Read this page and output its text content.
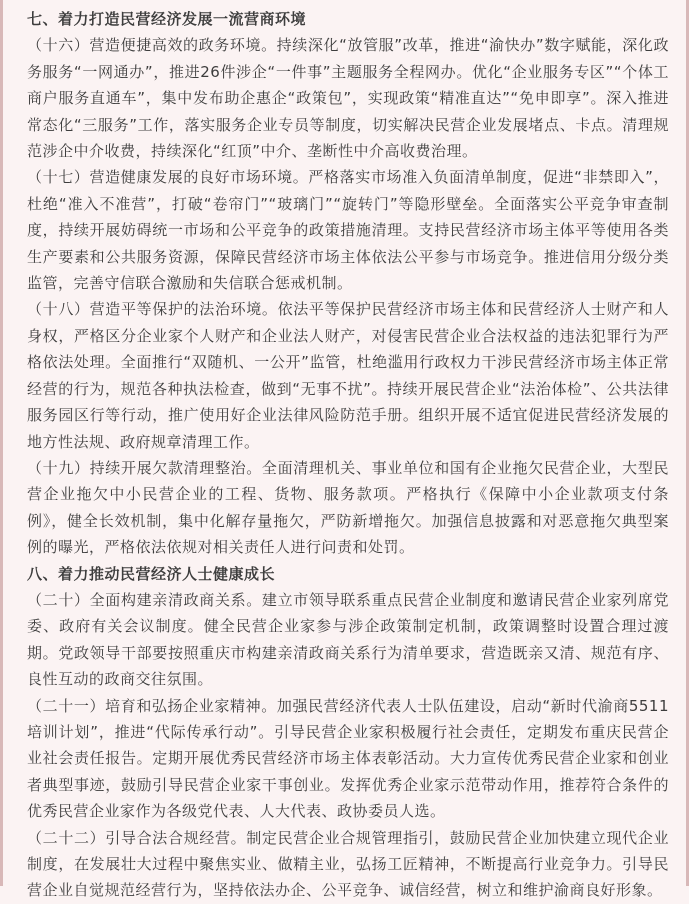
七、着力打造民营经济发展一流营商环境

（十六）营造便捷高效的政务环境。持续深化“放管服”改革，推进“渝快办”数字赋能，深化政务服务“一网通办”，推进26件涉企“一件事”主题服务全程网办。优化“企业服务专区”“个体工商户服务直通车”，集中发布助企惠企“政策包”，实现政策“精准直达”“免申即享”。深入推进常态化“三服务”工作，落实服务企业专员等制度，切实解决民营企业发展堵点、卡点。清理规范涉企中介收费，持续深化“红顶”中介、垄断性中介高收费治理。

（十七）营造健康发展的良好市场环境。严格落实市场准入负面清单制度，促进“非禁即入”，杜绝“准入不准营”，打破“卷帘门”“玻璃门”“旋转门”等隐形壁垒。全面落实公平竞争审查制度，持续开展妨碍统一市场和公平竞争的政策措施清理。支持民营经济市场主体平等使用各类生产要素和公共服务资源，保障民营经济市场主体依法公平参与市场竞争。推进信用分级分类监管，完善守信联合激励和失信联合惩戒机制。

（十八）营造平等保护的法治环境。依法平等保护民营经济市场主体和民营经济人士财产和人身权，严格区分企业家个人财产和企业法人财产，对侵害民营企业合法权益的违法犯罪行为严格依法处理。全面推行“双随机、一公开”监管，杜绝滥用行政权力干涉民营经济市场主体正常经营的行为，规范各种执法检查，做到“无事不扰”。持续开展民营企业“法治体检”、公共法律服务园区行等行动，推广使用好企业法律风险防范手册。组织开展不适宜促进民营经济发展的地方性法规、政府规章清理工作。

（十九）持续开展欠款清理整治。全面清理机关、事业单位和国有企业拖欠民营企业，大型民营企业拖欠中小民营企业的工程、货物、服务款项。严格执行《保障中小企业款项支付条例》，健全长效机制，集中化解存量拖欠，严防新增拖欠。加强信息披露和对恶意拖欠典型案例的曝光，严格依法依规对相关责任人进行问责和处罚。

八、着力推动民营经济人士健康成长

（二十）全面构建亲清政商关系。建立市领导联系重点民营企业制度和邀请民营企业家列席党委、政府有关会议制度。健全民营企业家参与涉企政策制定机制，政策调整时设置合理过渡期。党政领导干部要按照重庆市构建亲清政商关系行为清单要求，营造既亲又清、规范有序、良性互动的政商交往氛围。

（二十一）培育和弘扬企业家精神。加强民营经济代表人士队伍建设，启动“新时代渝商5511培训计划”，推进“代际传承行动”。引导民营企业家积极履行社会责任，定期发布重庆民营企业社会责任报告。定期开展优秀民营经济市场主体表彰活动。大力宣传优秀民营企业家和创业者典型事迹，鼓励引导民营企业家干事创业。发挥优秀企业家示范带动作用，推荐符合条件的优秀民营企业家作为各级党代表、人大代表、政协委员人选。

（二十二）引导合法合规经营。制定民营企业合规管理指引，鼓励民营企业加快建立现代企业制度，在发展壮大过程中聚焦实业、做精主业，弘扬工匠精神，不断提高行业竞争力。引导民营企业自觉规范经营行为，坚持依法办企、公平竞争、诚信经营，树立和维护渝商良好形象。
